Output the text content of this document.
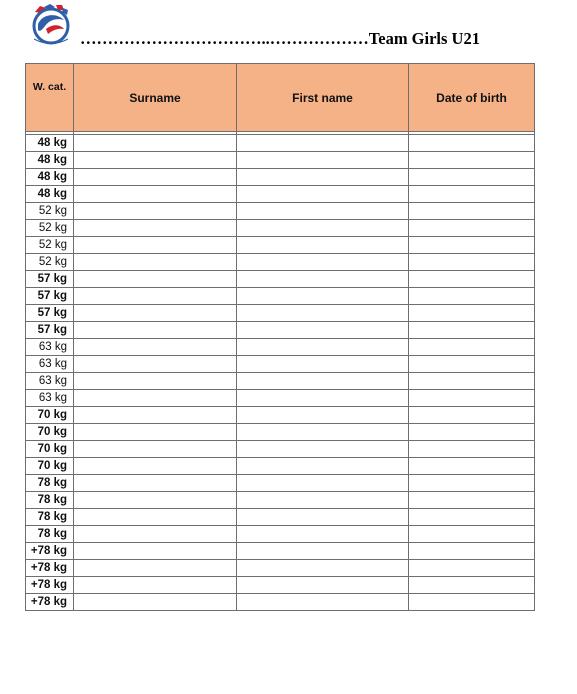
……………………………..………………Team Girls U21
W. cat.	Surname	First name	Date of birth

48 kg			
48 kg			
48 kg			
48 kg			
52 kg			
52 kg			
52 kg			
52 kg			
57 kg			
57 kg			
57 kg			
57 kg			
63 kg			
63 kg			
63 kg			
63 kg			
70 kg			
70 kg			
70 kg			
70 kg			
78 kg			
78 kg			
78 kg			
78 kg			
+78 kg			
+78 kg			
+78 kg			
+78 kg			
